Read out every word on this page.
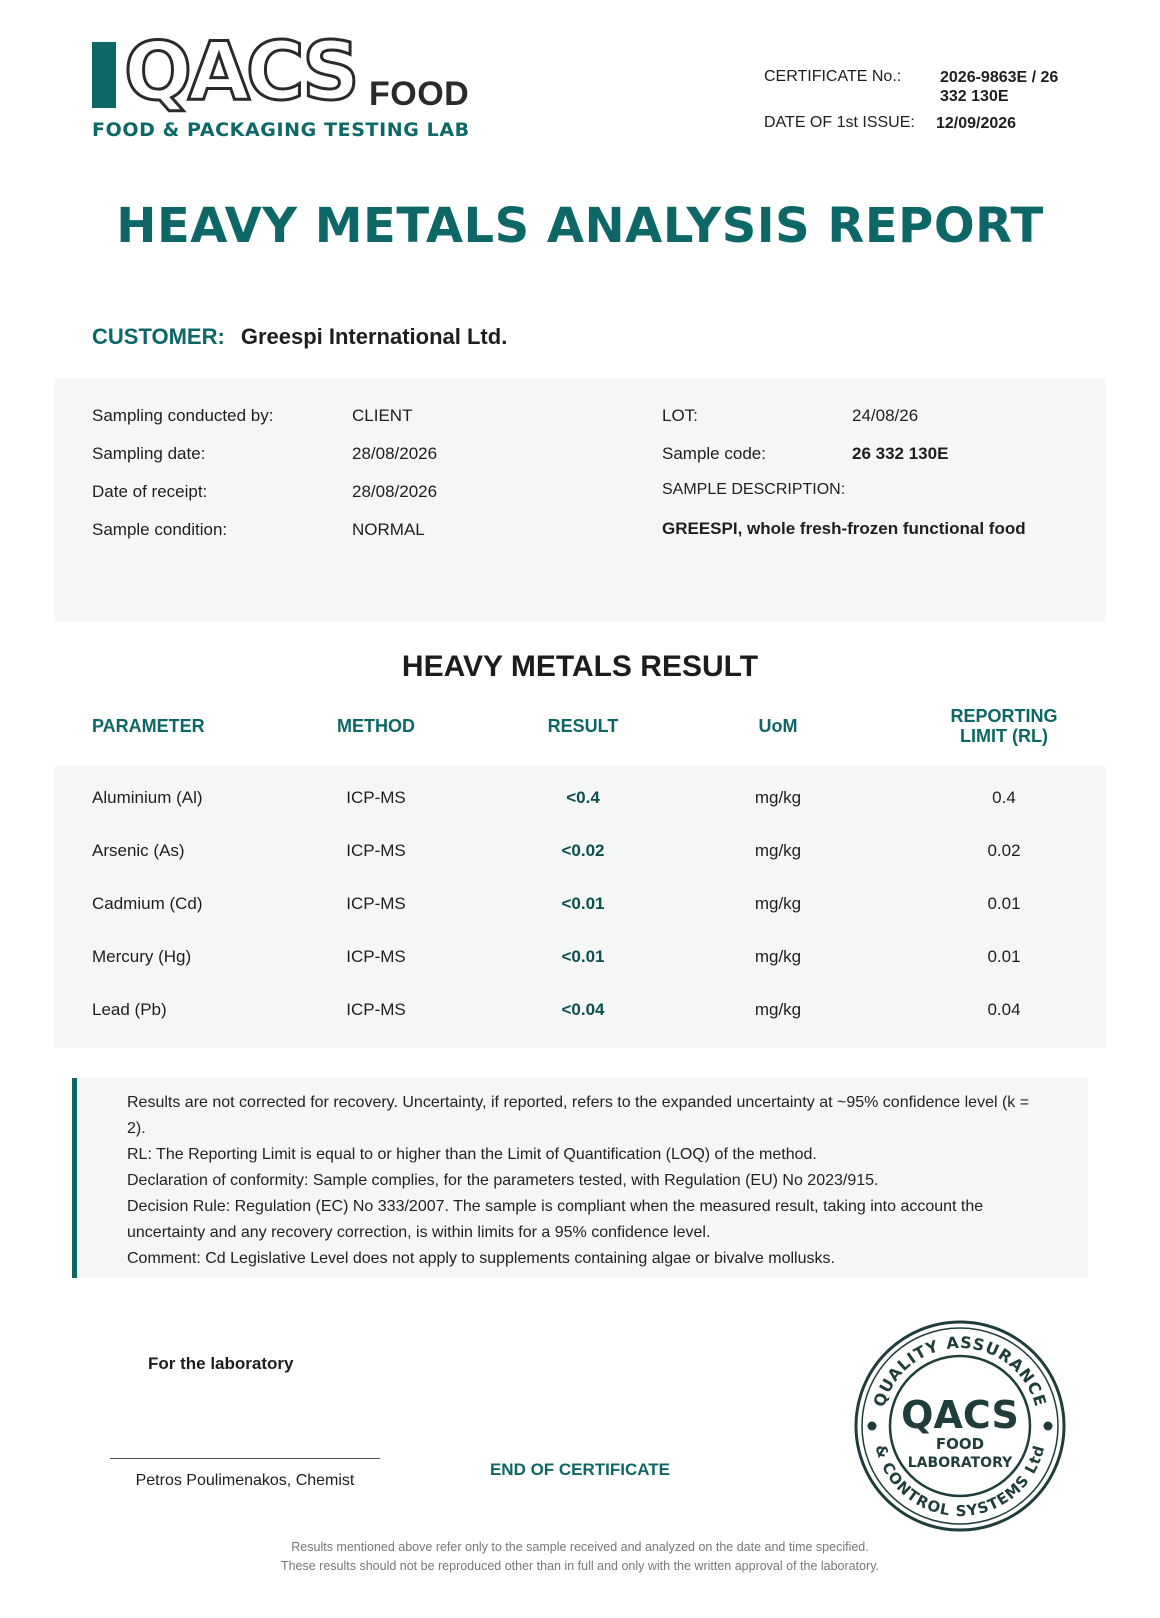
QACS FOOD
FOOD & PACKAGING TESTING LAB
CERTIFICATE No.: 2026-9863E / 26
332 130E
DATE OF 1st ISSUE: 12/09/2026
HEAVY METALS ANALYSIS REPORT
CUSTOMER: Greespi International Ltd.
Sampling conducted by:	CLIENT
Sampling date:	28/08/2026
Date of receipt:	28/08/2026
Sample condition:	NORMAL
LOT:	24/08/26
Sample code:	26 332 130E
SAMPLE DESCRIPTION:
GREESPI, whole fresh-frozen functional food
HEAVY METALS RESULT
PARAMETER	METHOD	RESULT	UoM	REPORTING
LIMIT (RL)
Aluminium (Al)	ICP-MS	<0.4	mg/kg	0.4
Arsenic (As)	ICP-MS	<0.02	mg/kg	0.02
Cadmium (Cd)	ICP-MS	<0.01	mg/kg	0.01
Mercury (Hg)	ICP-MS	<0.01	mg/kg	0.01
Lead (Pb)	ICP-MS	<0.04	mg/kg	0.04
Results are not corrected for recovery. Uncertainty, if reported, refers to the expanded uncertainty at ~95% confidence level (k = 2).
RL: The Reporting Limit is equal to or higher than the Limit of Quantification (LOQ) of the method.
Declaration of conformity: Sample complies, for the parameters tested, with Regulation (EU) No 2023/915.
Decision Rule: Regulation (EC) No 333/2007. The sample is compliant when the measured result, taking into account the uncertainty and any recovery correction, is within limits for a 95% confidence level.
Comment: Cd Legislative Level does not apply to supplements containing algae or bivalve mollusks.
For the laboratory
Petros Poulimenakos, Chemist
END OF CERTIFICATE
QUALITY ASSURANCE
& CONTROL SYSTEMS Ltd
QACS
FOOD
LABORATORY
Results mentioned above refer only to the sample received and analyzed on the date and time specified.
These results should not be reproduced other than in full and only with the written approval of the laboratory.
